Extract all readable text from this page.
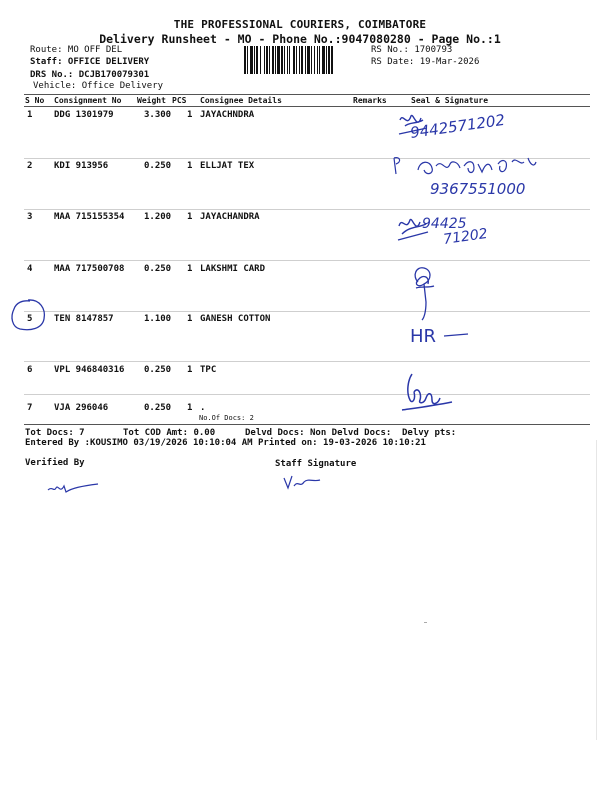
THE PROFESSIONAL COURIERS, COIMBATORE
Delivery Runsheet - MO - Phone No.:9047080280 - Page No.:1
Route: MO OFF DEL
Staff: OFFICE DELIVERY
DRS No.: DCJB170079301
Vehicle: Office Delivery
RS No.: 1700793
RS Date: 19-Mar-2026
S No Consignment No Weight PCS Consignee Details	Remarks	Seal & Signature
1 DDG 1301979	3.300 1 JAYACHNDRA
2 KDI 913956	0.250 1 ELLJAT TEX
3 MAA 715155354 1.200 1 JAYACHANDRA
4 MAA 717500708 0.250 1 LAKSHMI CARD
5 TEN 8147857	1.100 1 GANESH COTTON
6 VPL 946840316 0.250 1 TPC
7 VJA 296046	0.250 1 .
No.Of Docs: 2
Tot Docs: 7	Tot COD Amt: 0.00	Delvd Docs: Non Delvd Docs: Delvy pts:
Entered By :KOUSIMO 03/19/2026 10:10:04 AM Printed on: 19-03-2026 10:10:21
Verified By	Staff Signature
9442571202
9367551000
94425
71202
HR
